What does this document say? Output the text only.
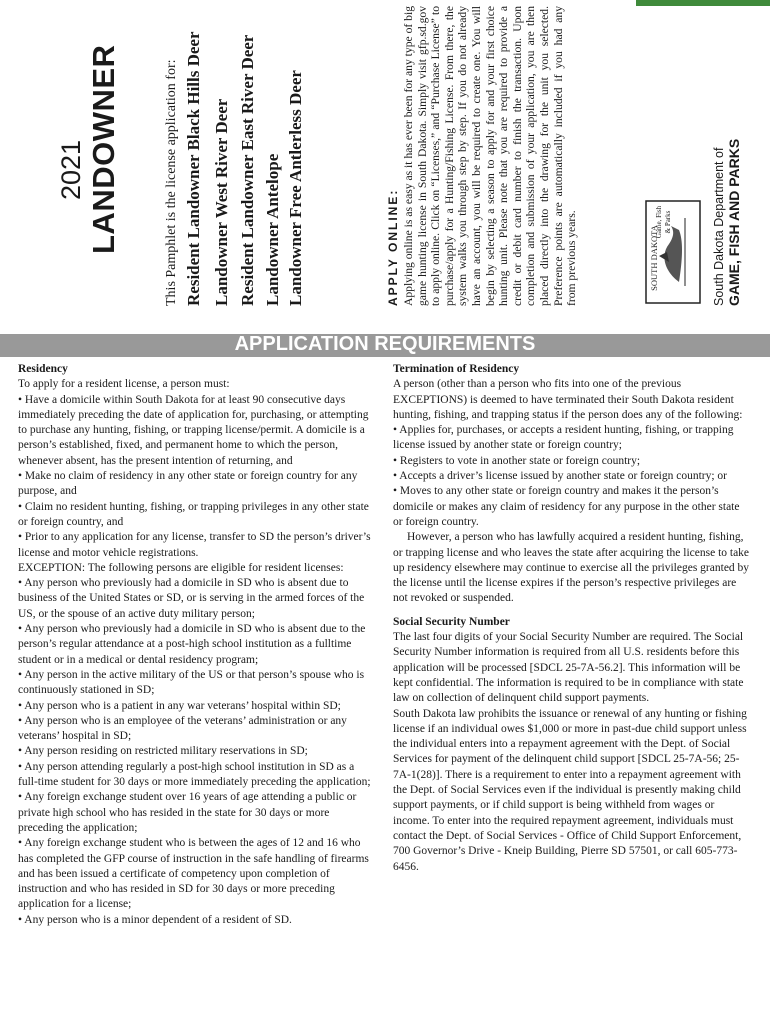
2021 LANDOWNER	This Pamphlet is the license application for: Resident Landowner Black Hills Deer Landowner West River Deer Resident Landowner East River Deer Landowner Antelope Landowner Free Antlerless Deer	APPLY ONLINE: Applying online is as easy as it has ever been for any type of big game hunting license in South Dakota. Simply visit gfp.sd.gov to apply online. Click on “Licenses,” and “Purchase License” to purchase/apply for a Hunting/Fishing License. From there, the system walks you through step by step. If you do not already have an account, you will be required to create one. You will begin by selecting a season to apply for and your first choice hunting unit. Please note that you are required to provide a credit or debit card number to finish the transaction. Upon completion and submission of your application, you are then placed directly into the drawing for the unit you selected. Preference points are automatically included if you had any from previous years.
Apply online! gfp.sd.gov
South Dakota Department of GAME, FISH AND PARKS
SOUTH DAKOTA
Game, Fish & Parks
APPLICATION REQUIREMENTS
Residency

To apply for a resident license, a person must:

• Have a domicile within South Dakota for at least 90 consecutive days immediately preceding the date of application for, purchasing, or attempting to purchase any hunting, fishing, or trapping license/permit. A domicile is a person’s established, fixed, and permanent home to which the person, whenever absent, has the present intention of returning, and

• Make no claim of residency in any other state or foreign country for any purpose, and

• Claim no resident hunting, fishing, or trapping privileges in any other state or foreign country, and

• Prior to any application for any license, transfer to SD the person’s driver’s license and motor vehicle registrations.

EXCEPTION: The following persons are eligible for resident licenses:

• Any person who previously had a domicile in SD who is absent due to business of the United States or SD, or is serving in the armed forces of the US, or the spouse of an active duty military person;

• Any person who previously had a domicile in SD who is absent due to the person’s regular attendance at a post-high school institution as a fulltime student or in a medical or dental residency program;

• Any person in the active military of the US or that person’s spouse who is continuously stationed in SD;

• Any person who is a patient in any war veterans’ hospital within SD;

• Any person who is an employee of the veterans’ administration or any veterans’ hospital in SD;

• Any person residing on restricted military reservations in SD;

• Any person attending regularly a post-high school institution in SD as a full-time student for 30 days or more immediately preceding the application;

• Any foreign exchange student over 16 years of age attending a public or private high school who has resided in the state for 30 days or more preceding the application;

• Any foreign exchange student who is between the ages of 12 and 16 who has completed the GFP course of instruction in the safe handling of firearms and has been issued a certificate of competency upon completion of instruction and who has resided in SD for 30 days or more preceding application for a license;

• Any person who is a minor dependent of a resident of SD.

Termination of Residency

A person (other than a person who fits into one of the previous EXCEPTIONS) is deemed to have terminated their South Dakota resident hunting, fishing, and trapping status if the person does any of the following:

• Applies for, purchases, or accepts a resident hunting, fishing, or trapping license issued by another state or foreign country;

• Registers to vote in another state or foreign country;

• Accepts a driver’s license issued by another state or foreign country; or

• Moves to any other state or foreign country and makes it the person’s domicile or makes any claim of residency for any purpose in the other state or foreign country.

However, a person who has lawfully acquired a resident hunting, fishing, or trapping license and who leaves the state after acquiring the license to take up residency elsewhere may continue to exercise all the privileges granted by the license until the license expires if the person’s respective privileges are not revoked or suspended.

Social Security Number

The last four digits of your Social Security Number are required. The Social Security Number information is required from all U.S. residents before this application will be processed [SDCL 25-7A-56.2]. This information will be kept confidential. The information is required to be in compliance with state law on collection of delinquent child support payments.

South Dakota law prohibits the issuance or renewal of any hunting or fishing license if an individual owes $1,000 or more in past-due child support unless the individual enters into a repayment agreement with the Dept. of Social Services for payment of the delinquent child support [SDCL 25-7A-56; 25-7A-1(28)]. There is a requirement to enter into a repayment agreement with the Dept. of Social Services even if the individual is presently making child support payments, or if child support is being withheld from wages or income. To enter into the required repayment agreement, individuals must contact the Dept. of Social Services - Office of Child Support Enforcement, 700 Governor’s Drive - Kneip Building, Pierre SD 57501, or call 605-773-6456.
